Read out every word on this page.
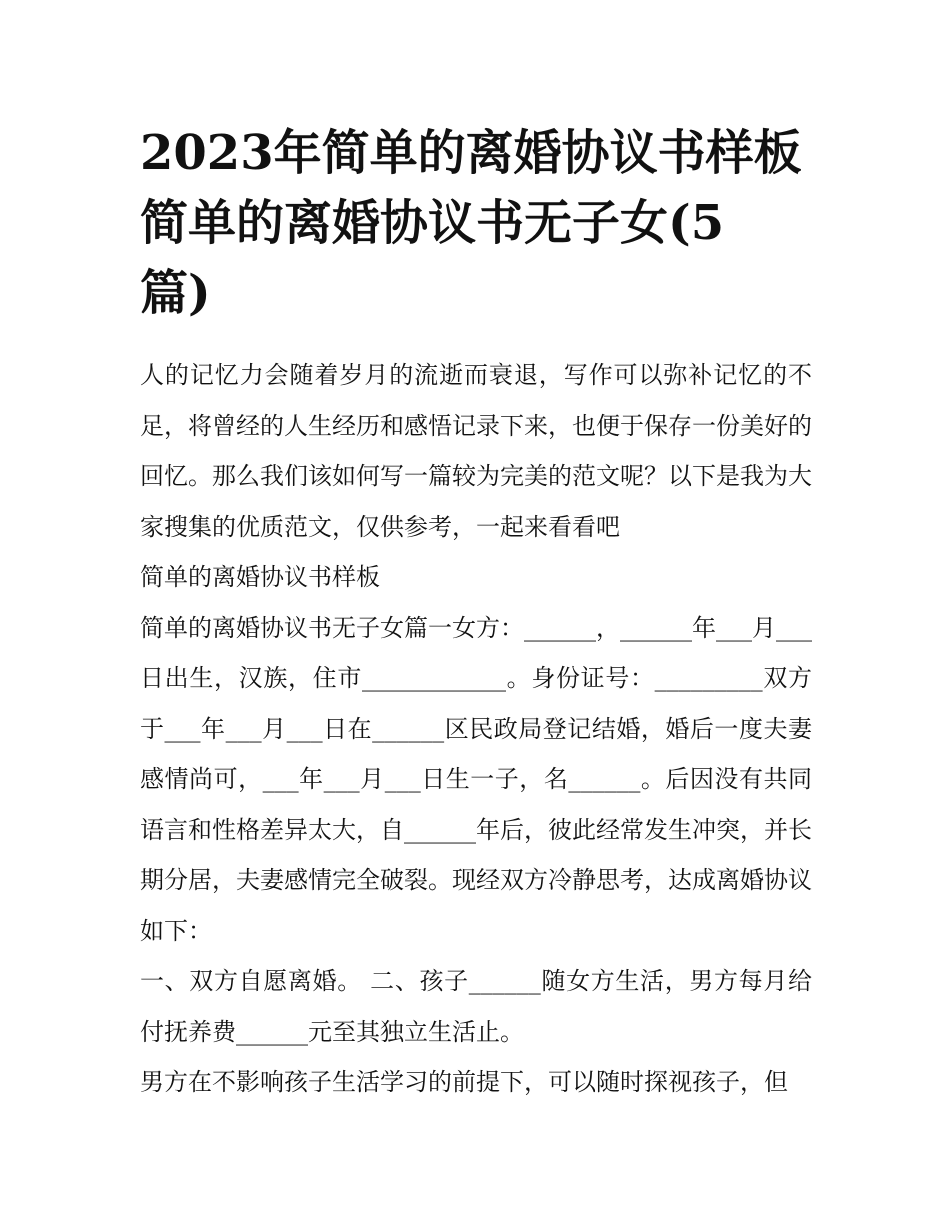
2023年简单的离婚协议书样板
简单的离婚协议书无子女(5
篇)

人的记忆力会随着岁月的流逝而衰退，写作可以弥补记忆的不足，将曾经的人生经历和感悟记录下来，也便于保存一份美好的回忆。那么我们该如何写一篇较为完美的范文呢？以下是我为大家搜集的优质范文，仅供参考，一起来看看吧

简单的离婚协议书样板

简单的离婚协议书无子女篇一女方：______，______年___月___日出生，汉族，住市____________。身份证号：_________双方于___年___月___日在______区民政局登记结婚，婚后一度夫妻感情尚可，___年___月___日生一子，名______。后因没有共同语言和性格差异太大，自______年后，彼此经常发生冲突，并长期分居，夫妻感情完全破裂。现经双方冷静思考，达成离婚协议如下：

一、双方自愿离婚。 二、孩子______随女方生活，男方每月给付抚养费______元至其独立生活止。

男方在不影响孩子生活学习的前提下，可以随时探视孩子，但
